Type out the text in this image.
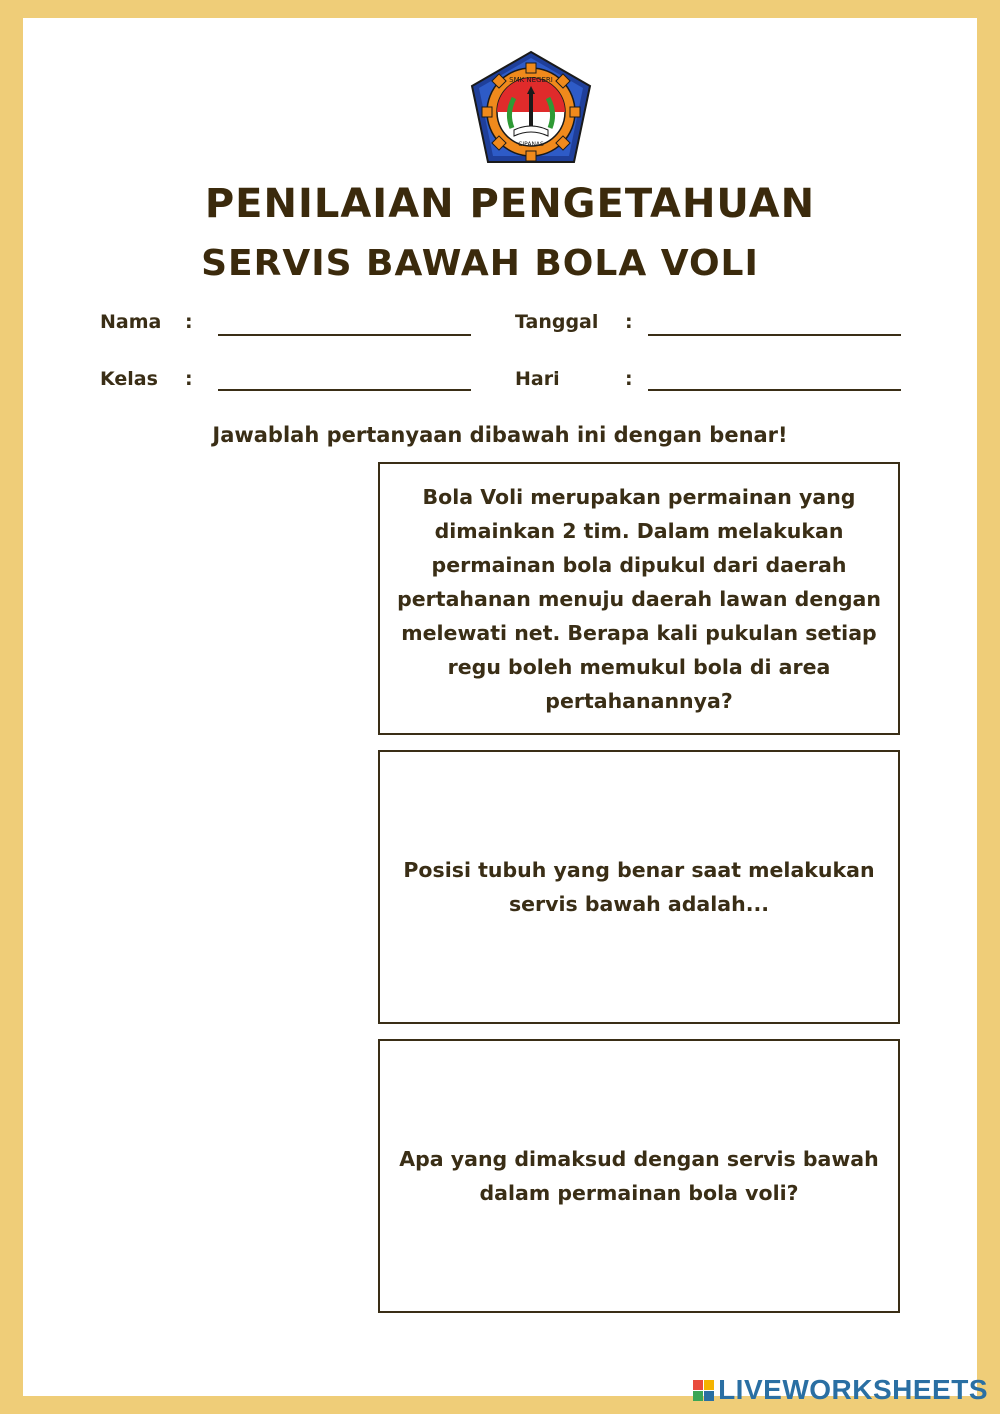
SMK NEGERI
CIPANAS
PENILAIAN PENGETAHUAN
SERVIS BAWAH BOLA VOLI
Nama :	Tanggal :
Kelas :	Hari	:
Jawablah pertanyaan dibawah ini dengan benar!
Bola Voli merupakan permainan yang dimainkan 2 tim. Dalam melakukan permainan bola dipukul dari daerah pertahanan menuju daerah lawan dengan melewati net. Berapa kali pukulan setiap regu boleh memukul bola di area pertahanannya?
Posisi tubuh yang benar saat melakukan servis bawah adalah...
Apa yang dimaksud dengan servis bawah dalam permainan bola voli?
LIVEWORKSHEETS
